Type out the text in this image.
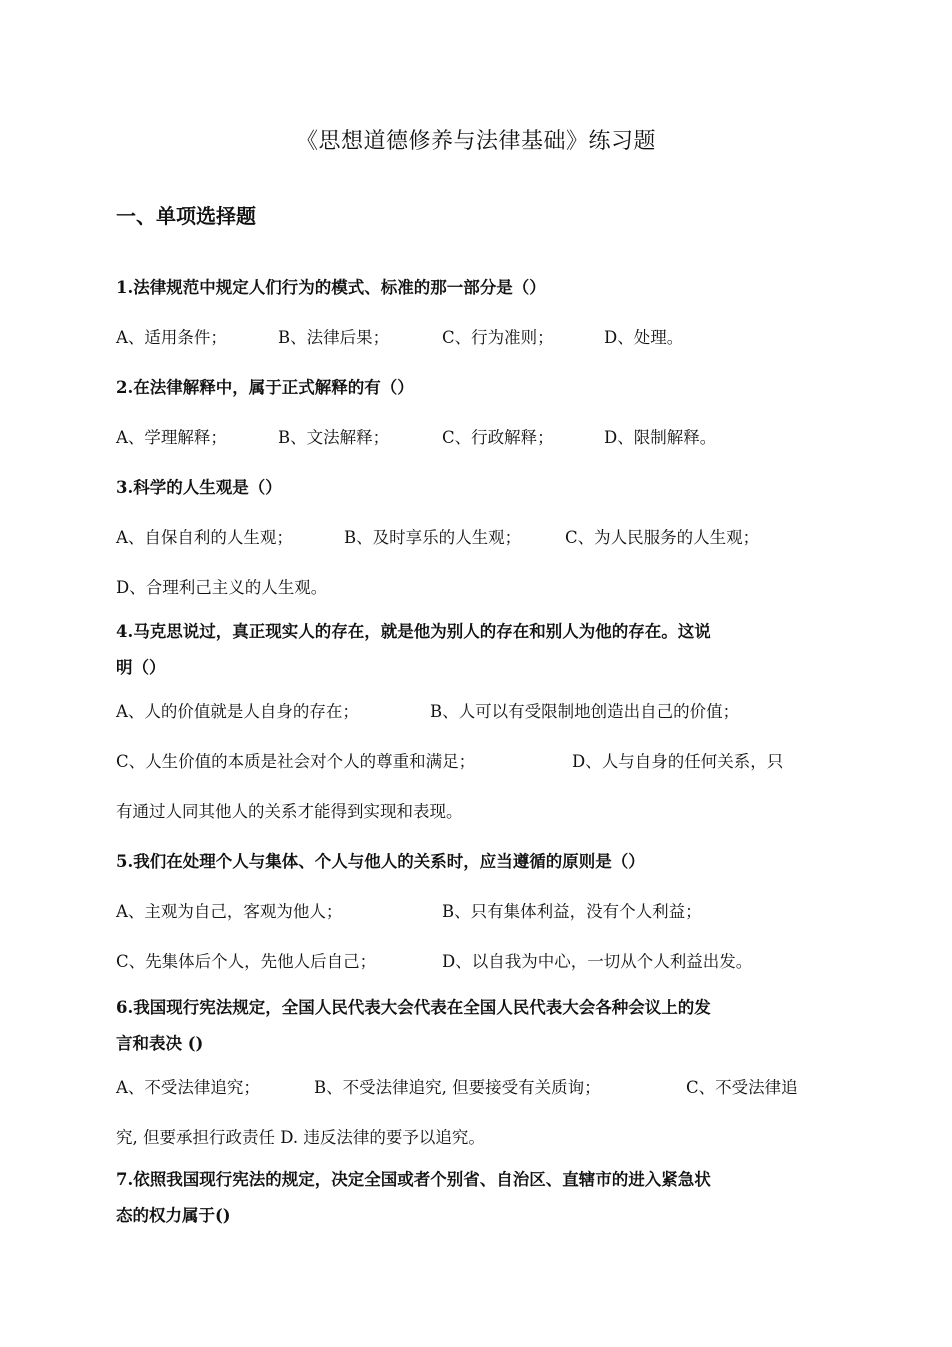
《思想道德修养与法律基础》练习题
一、单项选择题
1.法律规范中规定人们行为的模式、标准的那一部分是（）
A、适用条件；	B、法律后果；	C、行为准则；	D、处理。
2.在法律解释中，属于正式解释的有（）
A、学理解释；	B、文法解释；	C、行政解释；	D、限制解释。
3.科学的人生观是（）
A、自保自利的人生观；	B、及时享乐的人生观；	C、为人民服务的人生观；
D、合理利己主义的人生观。
4.马克思说过，真正现实人的存在，就是他为别人的存在和别人为他的存在。这说
明（）
A、人的价值就是人自身的存在；	B、人可以有受限制地创造出自己的价值；
C、人生价值的本质是社会对个人的尊重和满足；	D、人与自身的任何关系，只
有通过人同其他人的关系才能得到实现和表现。
5.我们在处理个人与集体、个人与他人的关系时，应当遵循的原则是（）
A、主观为自己，客观为他人；	B、只有集体利益，没有个人利益；
C、先集体后个人，先他人后自己；	D、以自我为中心，一切从个人利益出发。
6.我国现行宪法规定，全国人民代表大会代表在全国人民代表大会各种会议上的发
言和表决 ()
A、不受法律追究；	B、不受法律追究, 但要接受有关质询；	C、不受法律追
究, 但要承担行政责任 D. 违反法律的要予以追究。
7.依照我国现行宪法的规定，决定全国或者个别省、自治区、直辖市的进入紧急状
态的权力属于()
